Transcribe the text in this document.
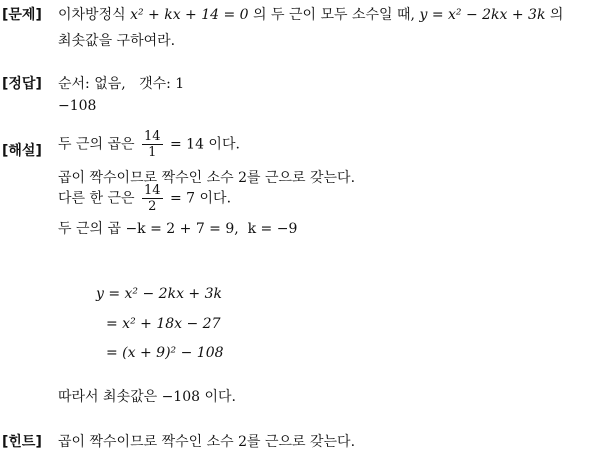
[문제] 이차방정식 x² + kx + 14 = 0 의 두 근이 모두 소수일 때, y = x² − 2kx + 3k 의
최솟값을 구하여라.
[정답] 순서: 없음,   갯수: 1
−108
[해설] 두 근의 곱은 $\frac{14}{1} = 14$ 이다.
곱이 짝수이므로 짝수인 소수 2를 근으로 갖는다.
다른 한 근은 $\frac{14}{2} = 7$ 이다.
두 근의 곱 −k = 2 + 7 = 9,  k = −9
y = x² − 2kx + 3k
= x² + 18x − 27
= (x + 9)² − 108
따라서 최솟값은 −108 이다.
[힌트] 곱이 짝수이므로 짝수인 소수 2를 근으로 갖는다.
